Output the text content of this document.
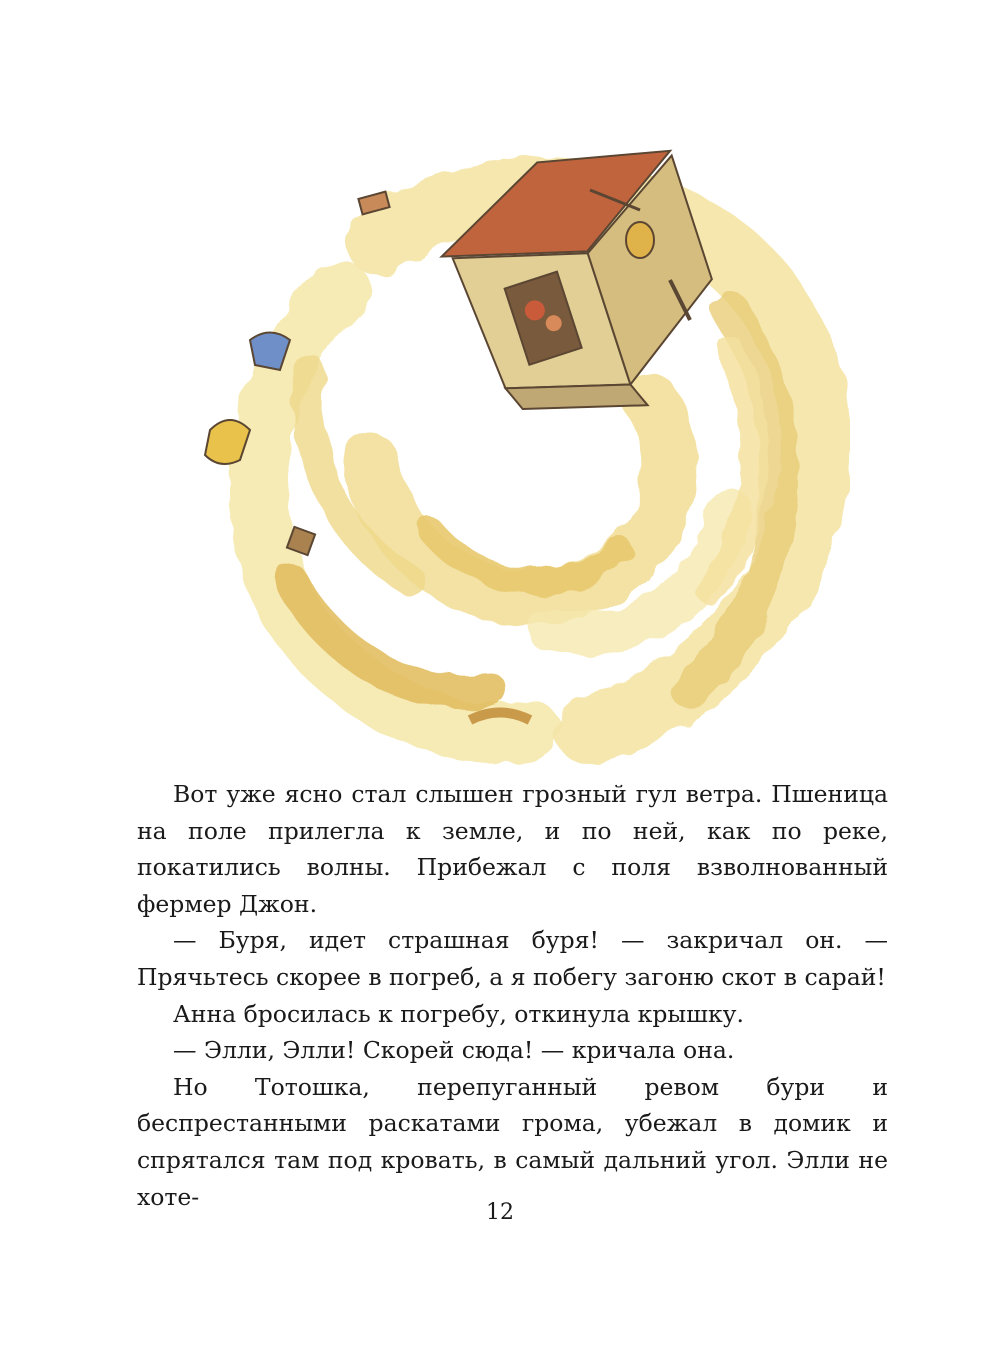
Вот уже ясно стал слышен грозный гул ветра. Пшеница на поле прилегла к земле, и по ней, как по реке, покатились волны. Прибежал с поля взволнованный фермер Джон.

— Буря, идет страшная буря! — закричал он. — Прячьтесь скорее в погреб, а я побегу загоню скот в сарай!

Анна бросилась к погребу, откинула крышку.

— Элли, Элли! Скорей сюда! — кричала она.

Но Тотошка, перепуганный ревом бури и беспрестанными раскатами грома, убежал в домик и спрятался там под кровать, в самый дальний угол. Элли не хоте-

12
